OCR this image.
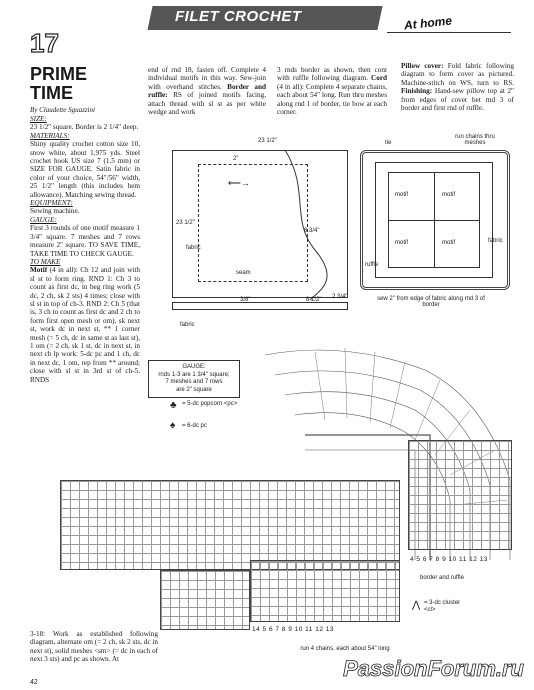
FILET CROCHET	At home
17
PRIME TIME
By Claudette Sguazzini
SIZE:
23 1/2" square. Border is 2 1/4" deep.
MATERIALS:
Shiny quality crochet cotton size 10, snow white, about 1,975 yds. Steel crochet hook US size 7 (1.5 mm) or SIZE FOR GAUGE. Satin fabric in color of your choice, 54"/56" width, 25 1/2" length (this includes hem allowance). Matching sewing thread.
EQUIPMENT:
Sewing machine.
GAUGE:
First 3 rounds of one motif measure 1 3/4" square. 7 meshes and 7 rows measure 2" square. TO SAVE TIME, TAKE TIME TO CHECK GAUGE.
TO MAKE
Motif (4 in all): Ch 12 and join with sl st to form ring. RND 1: Ch 3 to count as first dc, in beg ring work (5 dc, 2 ch, sk 2 sts) 4 times; close with sl st in top of ch-3. RND 2: Ch 5 (that is, 3 ch to count as first dc and 2 ch to form first open mesh or om), sk next st, work dc in next st, ** 1 corner mesh (= 5 ch, dc in same st as last st), 1 om (= 2 ch, sk 1 st, dc in next st, in next ch lp work: 5-dc pc and 1 ch, dc in next dc, 1 om, rep from ** around; close with sl st in 3rd st of ch-5. RNDS
end of rnd 18, fasten off. Complete 4 individual motifs in this way. Sew-join with overhand stitches. Border and ruffle: RS of joined motifs facing, attach thread with sl st as per white wedge and work
3 rnds border as shown, then cont with ruffle following diagram. Cord (4 in all): Complete 4 separate chains, each about 54" long. Run thru meshes along rnd 1 of border, tie bow at each corner.
Pillow cover: Fold fabric following diagram to form cover as pictured. Machine-stitch on WS, turn to RS. Finishing: Hand-sew pillow top at 2" from edges of cover bet rnd 3 of border and first rnd of ruffle.
23 1/2"
23 1/2"
2"
8 3/4"
seam
fabric
⟵→
3/8"	8 1/2" 2 3/4"
fabric
motif	motif
motif	motif
tie
run chains thru meshes
ruffle
fabric
sew 2" from edge of fabric along rnd 3 of border
GAUGE:
rnds 1-3 are 1 3/4" square;
7 meshes and 7 rows
are 2" square
♣ = 5-dc popcorn <pc>
♠ = 6-dc pc
⋀ = 3-dc cluster <cl>
4 5 6 7 8 9 10 11 12 13
border and ruffle
14 5 6 7 8 9 10 11 12 13
run 4 chains, each about 54" long
3-18: Work as established following diagram, alternate om (= 2 ch, sk 2 sts, dc in next st), solid meshes <sm> (= dc in each of next 3 sts) and pc as shown. At
42
PassionForum.ru
